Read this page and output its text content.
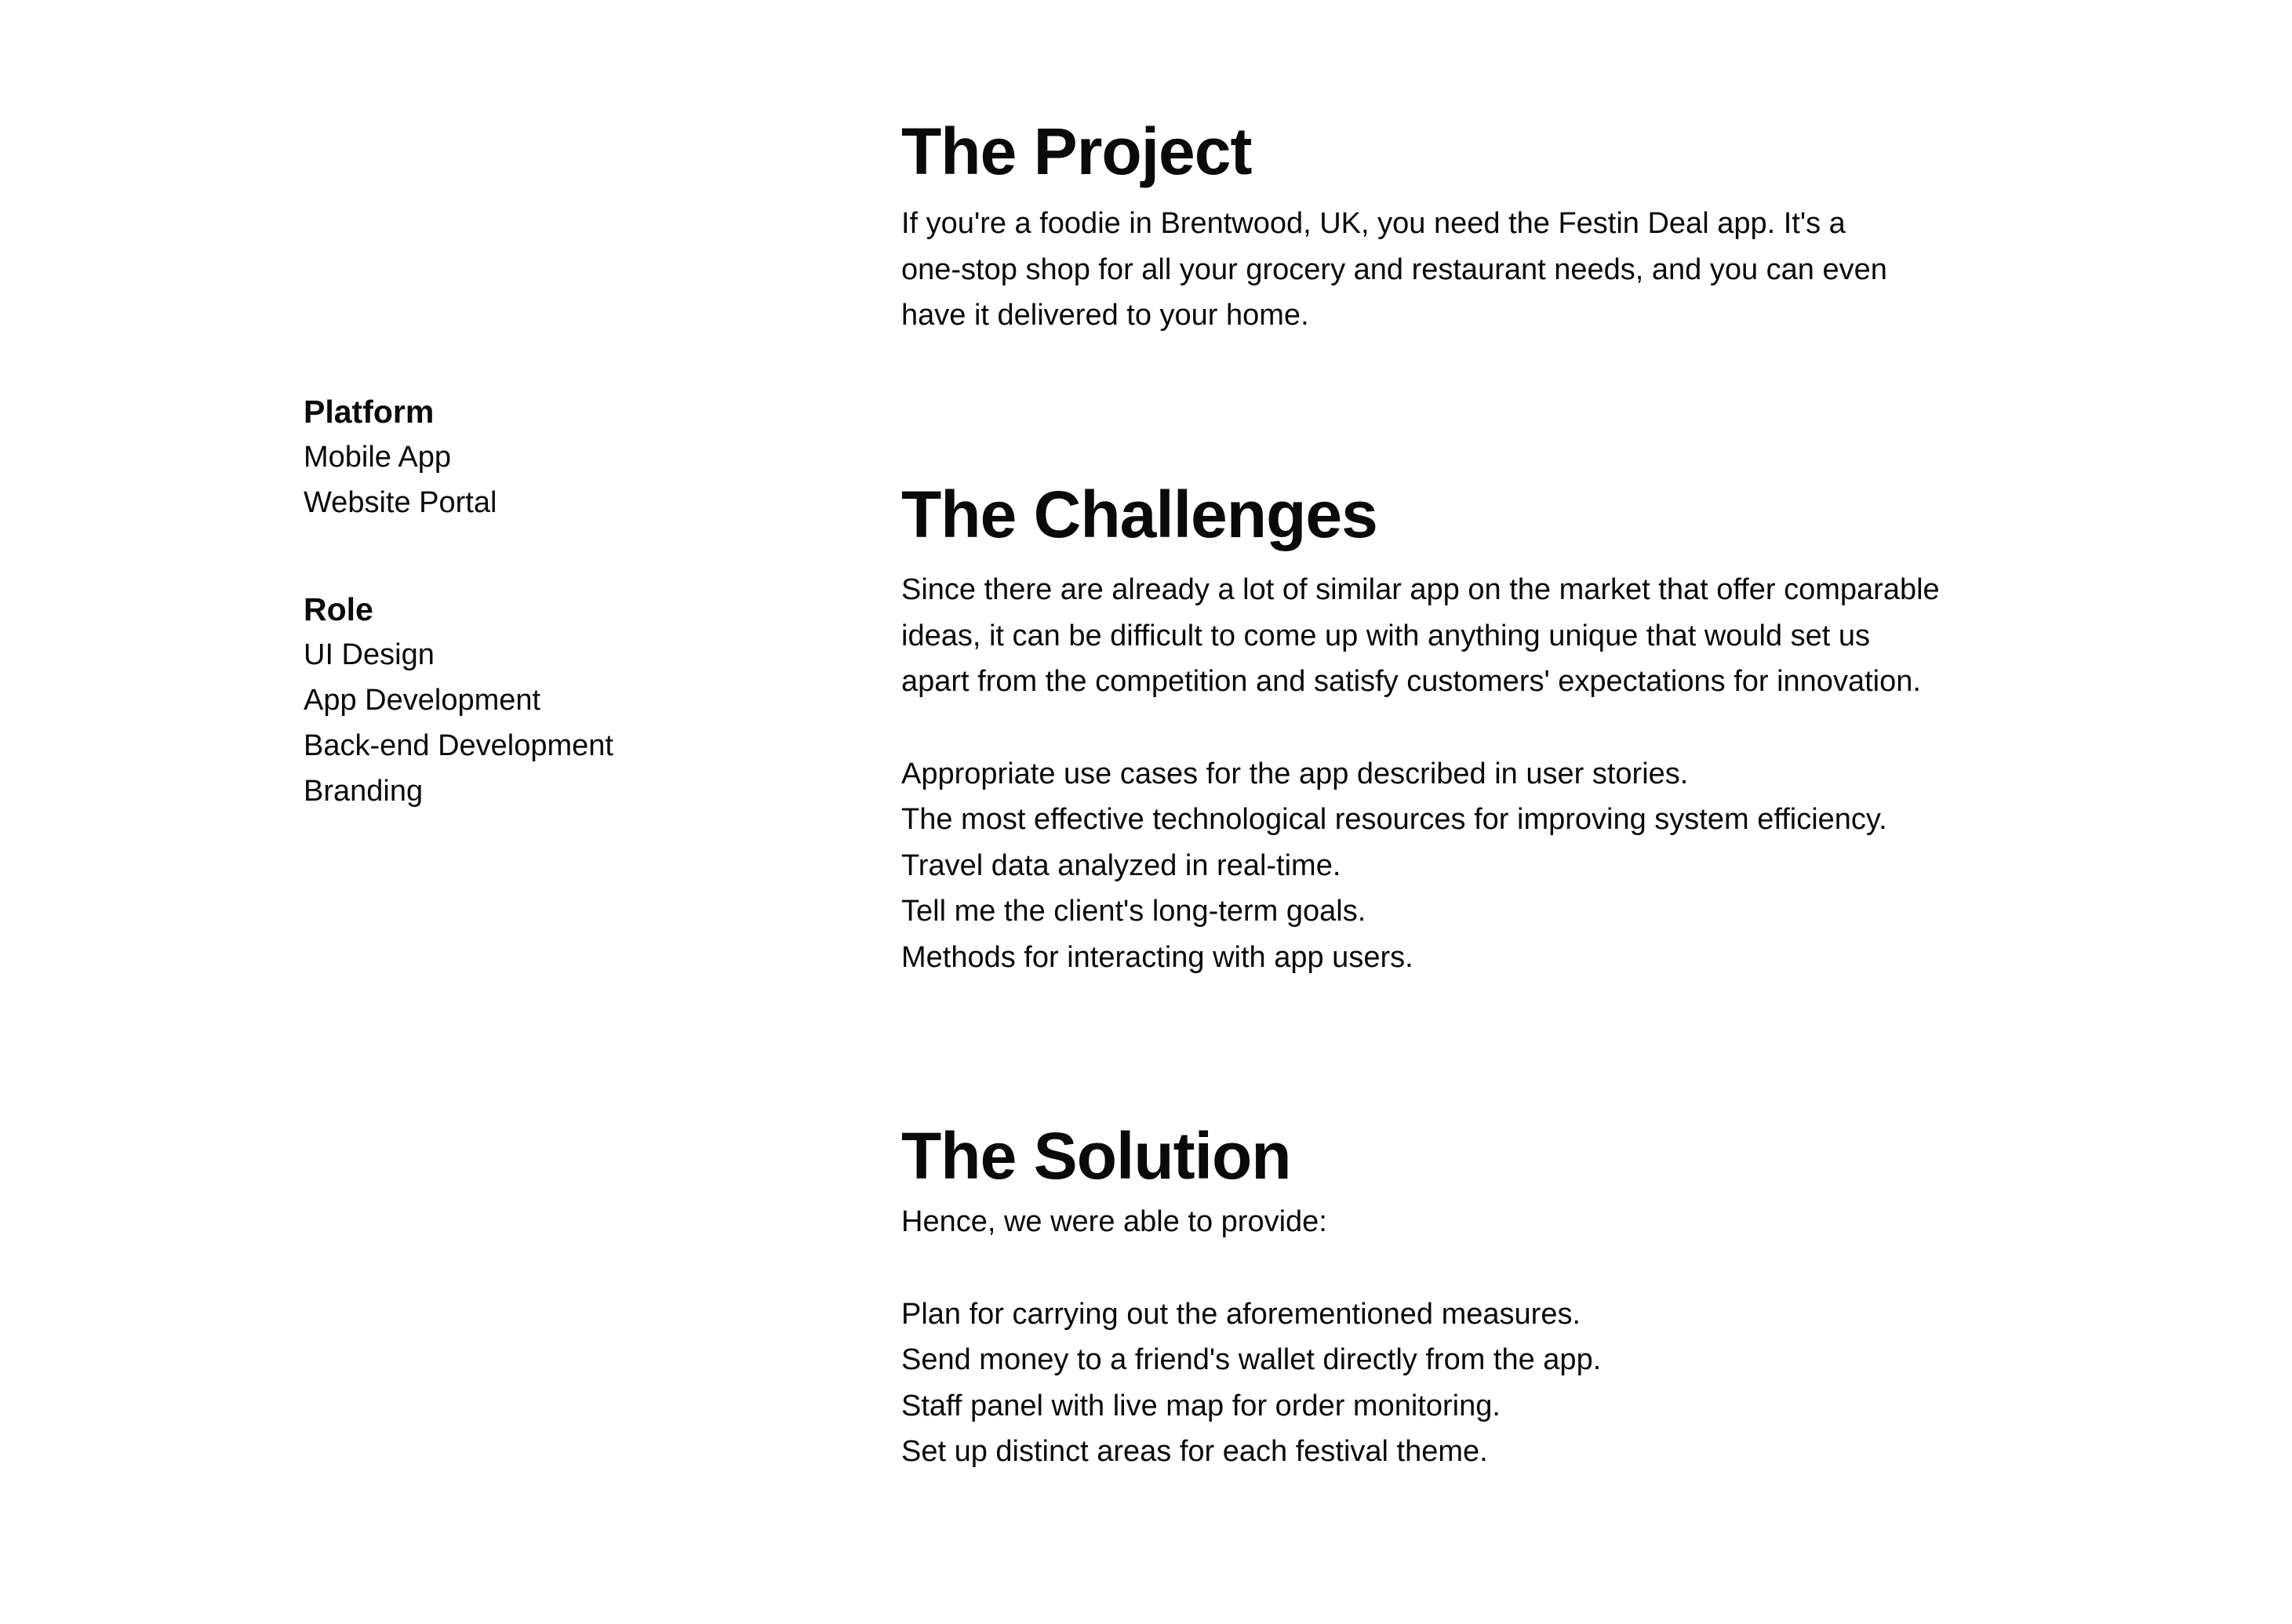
Platform
Mobile App
Website Portal
Role
UI Design
App Development
Back-end Development
Branding
The Project

If you're a foodie in Brentwood, UK, you need the Festin Deal app. It's a

one-stop shop for all your grocery and restaurant needs, and you can even

have it delivered to your home.

The Challenges

Since there are already a lot of similar app on the market that offer comparable

ideas, it can be difficult to come up with anything unique that would set us

apart from the competition and satisfy customers' expectations for innovation.

Appropriate use cases for the app described in user stories.
The most effective technological resources for improving system efficiency.
Travel data analyzed in real-time.
Tell me the client's long-term goals.
Methods for interacting with app users.
The Solution

Hence, we were able to provide:

Plan for carrying out the aforementioned measures.
Send money to a friend's wallet directly from the app.
Staff panel with live map for order monitoring.
Set up distinct areas for each festival theme.
